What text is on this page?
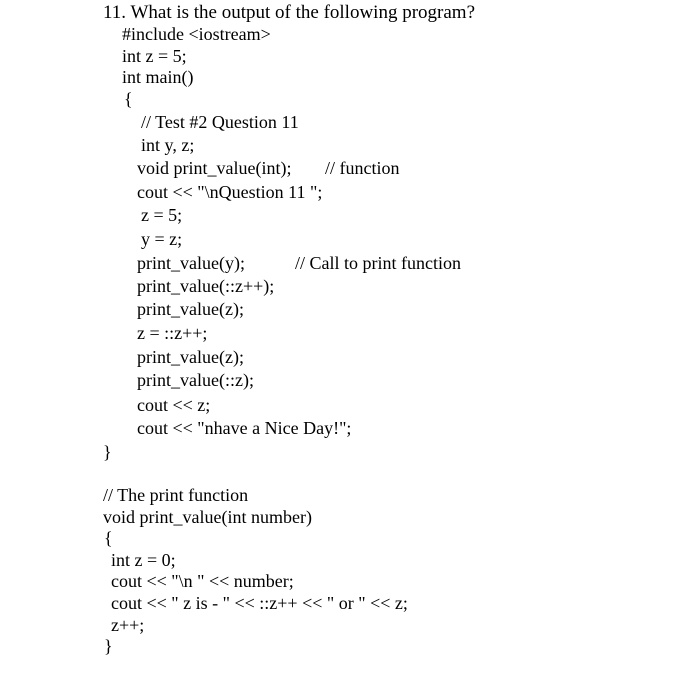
11. What is the output of the following program?
#include <iostream>
int z = 5;
int main()
{
// Test #2 Question 11
int y, z;
void print_value(int); // function
cout << "\nQuestion 11 ";
z = 5;
y = z;
print_value(y);	// Call to print function
print_value(::z++);
print_value(z);
z = ::z++;
print_value(z);
print_value(::z);
cout << z;
cout << "nhave a Nice Day!";
}
// The print function
void print_value(int number)
{
int z = 0;
cout << "\n " << number;
cout << " z is - " << ::z++ << " or " << z;
z++;
}
